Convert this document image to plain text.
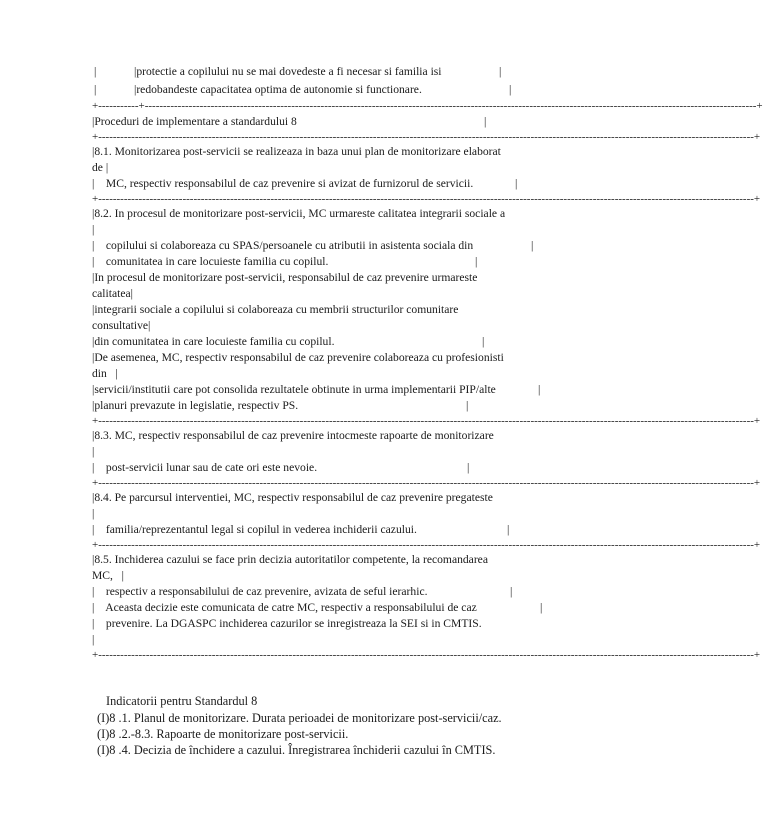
+-----------+-----------------------------------------------------------------------------------------------------------------------------------------------------------------------+
+-----------------------------------------------------------------------------------------------------------------------------------------------------------------------------------+
+-----------------------------------------------------------------------------------------------------------------------------------------------------------------------------------+
+-----------------------------------------------------------------------------------------------------------------------------------------------------------------------------------+
+-----------------------------------------------------------------------------------------------------------------------------------------------------------------------------------+
+-----------------------------------------------------------------------------------------------------------------------------------------------------------------------------------+
+-----------------------------------------------------------------------------------------------------------------------------------------------------------------------------------+
|	|protectie a copilului nu se mai dovedeste a fi necesar si familia isi	|
|	|redobandeste capacitatea optima de autonomie si functionare.	|
|Proceduri de implementare a standardului 8	|
|8.1. Monitorizarea post-servicii se realizeaza in baza unui plan de monitorizare elaborat
de |
|    MC, respectiv responsabilul de caz prevenire si avizat de furnizorul de servicii.	|
|8.2. In procesul de monitorizare post-servicii, MC urmareste calitatea integrarii sociale a
|
|    copilului si colaboreaza cu SPAS/persoanele cu atributii in asistenta sociala din	|
|    comunitatea in care locuieste familia cu copilul.	|
|In procesul de monitorizare post-servicii, responsabilul de caz prevenire urmareste
calitatea|
|integrarii sociale a copilului si colaboreaza cu membrii structurilor comunitare
consultative|
|din comunitatea in care locuieste familia cu copilul.	|
|De asemenea, MC, respectiv responsabilul de caz prevenire colaboreaza cu profesionisti
din   |
|servicii/institutii care pot consolida rezultatele obtinute in urma implementarii PIP/alte	|
|planuri prevazute in legislatie, respectiv PS.	|
|8.3. MC, respectiv responsabilul de caz prevenire intocmeste rapoarte de monitorizare
|
|    post-servicii lunar sau de cate ori este nevoie.	|
|8.4. Pe parcursul interventiei, MC, respectiv responsabilul de caz prevenire pregateste
|
|    familia/reprezentantul legal si copilul in vederea inchiderii cazului.	|
|8.5. Inchiderea cazului se face prin decizia autoritatilor competente, la recomandarea
MC,   |
|    respectiv a responsabilului de caz prevenire, avizata de seful ierarhic.	|
|    Aceasta decizie este comunicata de catre MC, respectiv a responsabilului de caz	|
|    prevenire. La DGASPC inchiderea cazurilor se inregistreaza la SEI si in CMTIS.
|
Indicatorii pentru Standardul 8
(I)8 .1. Planul de monitorizare. Durata perioadei de monitorizare post-servicii/caz.
(I)8 .2.-8.3. Rapoarte de monitorizare post-servicii.
(I)8 .4. Decizia de închidere a cazului. Înregistrarea închiderii cazului în CMTIS.
